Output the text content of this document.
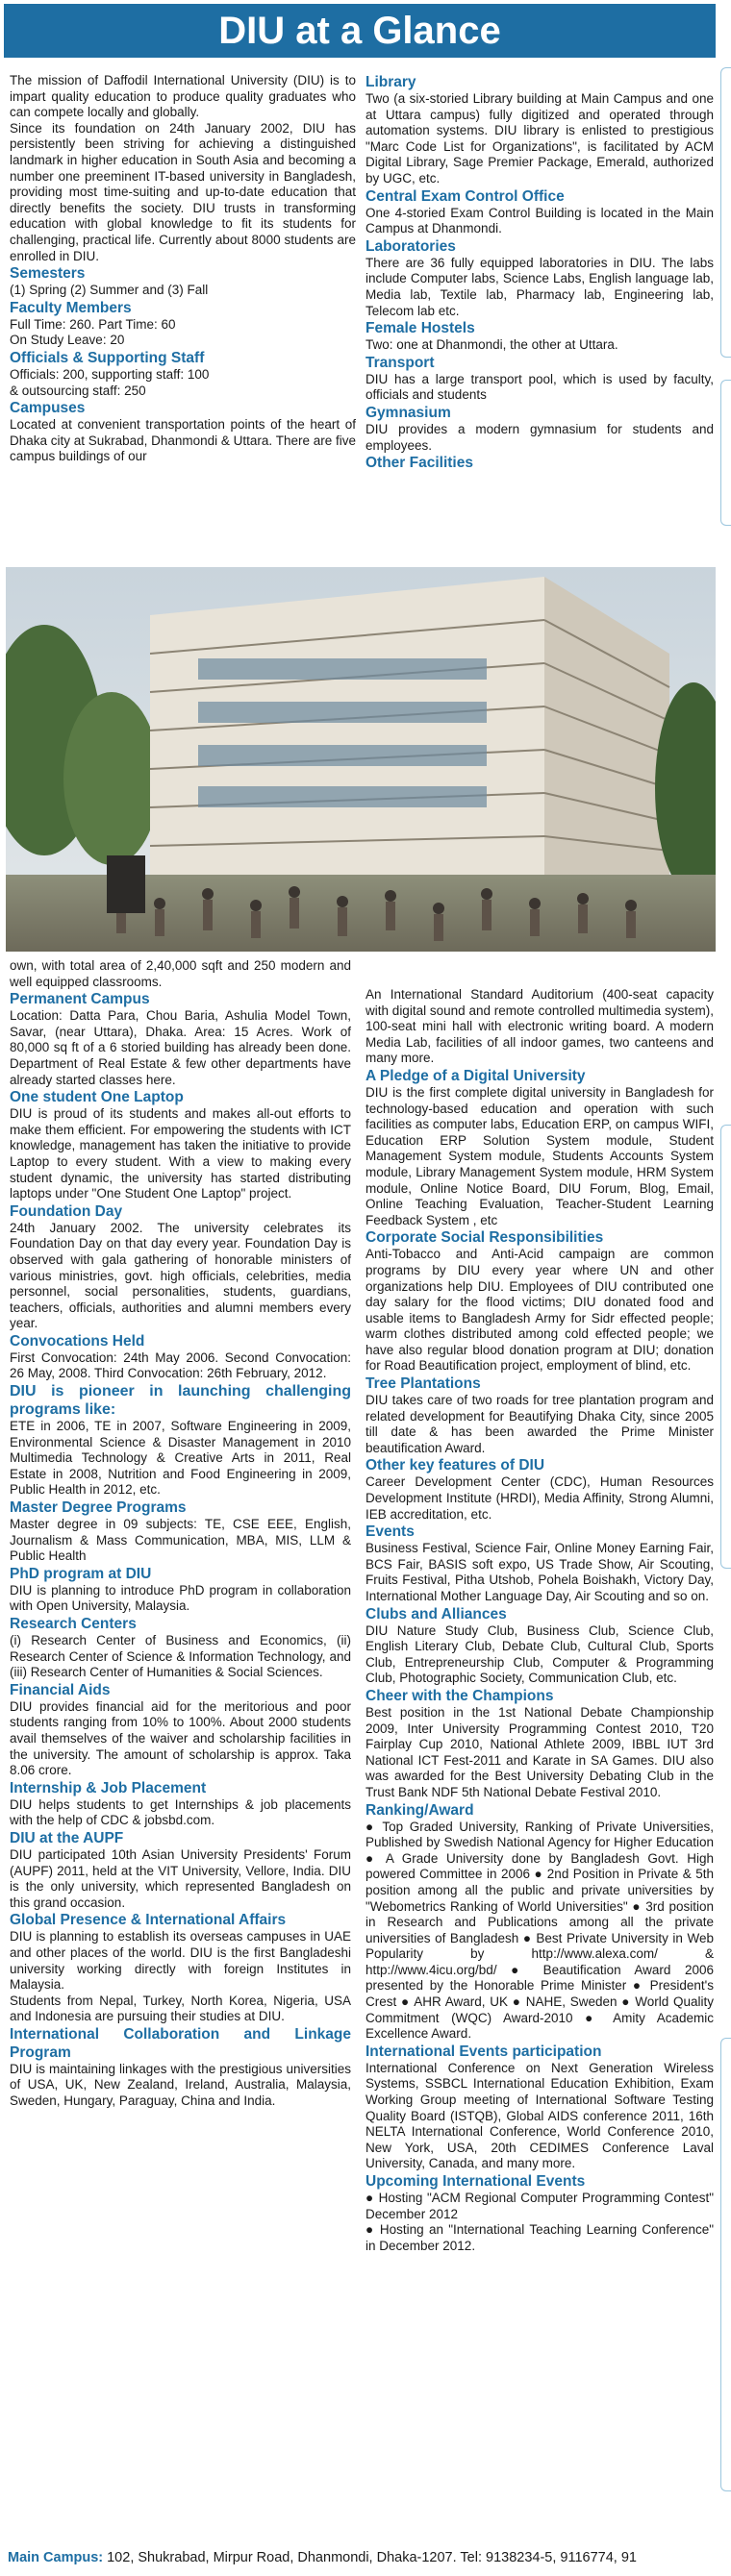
DIU at a Glance

The mission of Daffodil International University (DIU) is to impart quality education to produce quality graduates who can compete locally and globally.

Since its foundation on 24th January 2002, DIU has persistently been striving for achieving a distinguished landmark in higher education in South Asia and becoming a number one preeminent IT-based university in Bangladesh, providing most time-suiting and up-to-date education that directly benefits the society. DIU trusts in transforming education with global knowledge to fit its students for challenging, practical life. Currently about 8000 students are enrolled in DIU.

Semesters

(1) Spring (2) Summer and (3) Fall

Faculty Members

Full Time: 260. Part Time: 60

On Study Leave: 20

Officials & Supporting Staff

Officials: 200, supporting staff: 100

& outsourcing staff: 250

Campuses

Located at convenient transportation points of the heart of Dhaka city at Sukrabad, Dhanmondi & Uttara. There are five campus buildings of our

Library

Two (a six-storied Library building at Main Campus and one at Uttara campus) fully digitized and operated through automation systems. DIU library is enlisted to prestigious "Marc Code List for Organizations", is facilitated by ACM Digital Library, Sage Premier Package, Emerald, authorized by UGC, etc.

Central Exam Control Office

One 4-storied Exam Control Building is located in the Main Campus at Dhanmondi.

Laboratories

There are 36 fully equipped laboratories in DIU. The labs include Computer labs, Science Labs, English language lab, Media lab, Textile lab, Pharmacy lab, Engineering lab, Telecom lab etc.

Female Hostels

Two: one at Dhanmondi, the other at Uttara.

Transport

DIU has a large transport pool, which is used by faculty, officials and students

Gymnasium

DIU provides a modern gymnasium for students and employees.

Other Facilities

own, with total area of 2,40,000 sqft and 250 modern and well equipped classrooms.

Permanent Campus

Location: Datta Para, Chou Baria, Ashulia Model Town, Savar, (near Uttara), Dhaka. Area: 15 Acres. Work of 80,000 sq ft of a 6 storied building has already been done. Department of Real Estate & few other departments have already started classes here.

One student One Laptop

DIU is proud of its students and makes all-out efforts to make them efficient. For empowering the students with ICT knowledge, management has taken the initiative to provide Laptop to every student. With a view to making every student dynamic, the university has started distributing laptops under "One Student One Laptop" project.

Foundation Day

24th January 2002. The university celebrates its Foundation Day on that day every year. Foundation Day is observed with gala gathering of honorable ministers of various ministries, govt. high officials, celebrities, media personnel, social personalities, students, guardians, teachers, officials, authorities and alumni members every year.

Convocations Held

First Convocation: 24th May 2006. Second Convocation: 26 May, 2008. Third Convocation: 26th February, 2012.

DIU is pioneer in launching challenging programs like:

ETE in 2006, TE in 2007, Software Engineering in 2009, Environmental Science & Disaster Management in 2010 Multimedia Technology & Creative Arts in 2011, Real Estate in 2008, Nutrition and Food Engineering in 2009, Public Health in 2012, etc.

Master Degree Programs

Master degree in 09 subjects: TE, CSE EEE, English, Journalism & Mass Communication, MBA, MIS, LLM & Public Health

PhD program at DIU

DIU is planning to introduce PhD program in collaboration with Open University, Malaysia.

Research Centers

(i) Research Center of Business and Economics, (ii) Research Center of Science & Information Technology, and (iii) Research Center of Humanities & Social Sciences.

Financial Aids

DIU provides financial aid for the meritorious and poor students ranging from 10% to 100%. About 2000 students avail themselves of the waiver and scholarship facilities in the university. The amount of scholarship is approx. Taka 8.06 crore.

Internship & Job Placement

DIU helps students to get Internships & job placements with the help of CDC & jobsbd.com.

DIU at the AUPF

DIU participated 10th Asian University Presidents' Forum (AUPF) 2011, held at the VIT University, Vellore, India. DIU is the only university, which represented Bangladesh on this grand occasion.

Global Presence & International Affairs

DIU is planning to establish its overseas campuses in UAE and other places of the world. DIU is the first Bangladeshi university working directly with foreign Institutes in Malaysia.

Students from Nepal, Turkey, North Korea, Nigeria, USA and Indonesia are pursuing their studies at DIU.

International Collaboration and Linkage Program

DIU is maintaining linkages with the prestigious universities of USA, UK, New Zealand, Ireland, Australia, Malaysia, Sweden, Hungary, Paraguay, China and India.

An International Standard Auditorium (400-seat capacity with digital sound and remote controlled multimedia system), 100-seat mini hall with electronic writing board. A modern Media Lab, facilities of all indoor games, two canteens and many more.

A Pledge of a Digital University

DIU is the first complete digital university in Bangladesh for technology-based education and operation with such facilities as computer labs, Education ERP, on campus WIFI, Education ERP Solution System module, Student Management System module, Students Accounts System module, Library Management System module, HRM System module, Online Notice Board, DIU Forum, Blog, Email, Online Teaching Evaluation, Teacher-Student Learning Feedback System , etc

Corporate Social Responsibilities

Anti-Tobacco and Anti-Acid campaign are common programs by DIU every year where UN and other organizations help DIU. Employees of DIU contributed one day salary for the flood victims; DIU donated food and usable items to Bangladesh Army for Sidr effected people; warm clothes distributed among cold effected people; we have also regular blood donation program at DIU; donation for Road Beautification project, employment of blind, etc.

Tree Plantations

DIU takes care of two roads for tree plantation program and related development for Beautifying Dhaka City, since 2005 till date & has been awarded the Prime Minister beautification Award.

Other key features of DIU

Career Development Center (CDC), Human Resources Development Institute (HRDI), Media Affinity, Strong Alumni, IEB accreditation, etc.

Events

Business Festival, Science Fair, Online Money Earning Fair, BCS Fair, BASIS soft expo, US Trade Show, Air Scouting, Fruits Festival, Pitha Utshob, Pohela Boishakh, Victory Day, International Mother Language Day, Air Scouting and so on.

Clubs and Alliances

DIU Nature Study Club, Business Club, Science Club, English Literary Club, Debate Club, Cultural Club, Sports Club, Entrepreneurship Club, Computer & Programming Club, Photographic Society, Communication Club, etc.

Cheer with the Champions

Best position in the 1st National Debate Championship 2009, Inter University Programming Contest 2010, T20 Fairplay Cup 2010, National Athlete 2009, IBBL IUT 3rd National ICT Fest-2011 and Karate in SA Games. DIU also was awarded for the Best University Debating Club in the Trust Bank NDF 5th National Debate Festival 2010.

Ranking/Award

● Top Graded University, Ranking of Private Universities, Published by Swedish National Agency for Higher Education ● A Grade University done by Bangladesh Govt. High powered Committee in 2006 ● 2nd Position in Private & 5th position among all the public and private universities by "Webometrics Ranking of World Universities" ● 3rd position in Research and Publications among all the private universities of Bangladesh ● Best Private University in Web Popularity by http://www.alexa.com/ & http://www.4icu.org/bd/ ● Beautification Award 2006 presented by the Honorable Prime Minister ● President's Crest ● AHR Award, UK ● NAHE, Sweden ● World Quality Commitment (WQC) Award-2010 ● Amity Academic Excellence Award.

International Events participation

International Conference on Next Generation Wireless Systems, SSBCL International Education Exhibition, Exam Working Group meeting of International Software Testing Quality Board (ISTQB), Global AIDS conference 2011, 16th NELTA International Conference, World Conference 2010, New York, USA, 20th CEDIMES Conference Laval University, Canada, and many more.

Upcoming International Events

● Hosting "ACM Regional Computer Programming Contest" December 2012

● Hosting an "International Teaching Learning Conference" in December 2012.

Main Campus: 102, Shukrabad, Mirpur Road, Dhanmondi, Dhaka-1207. Tel: 9138234-5, 9116774, 91
